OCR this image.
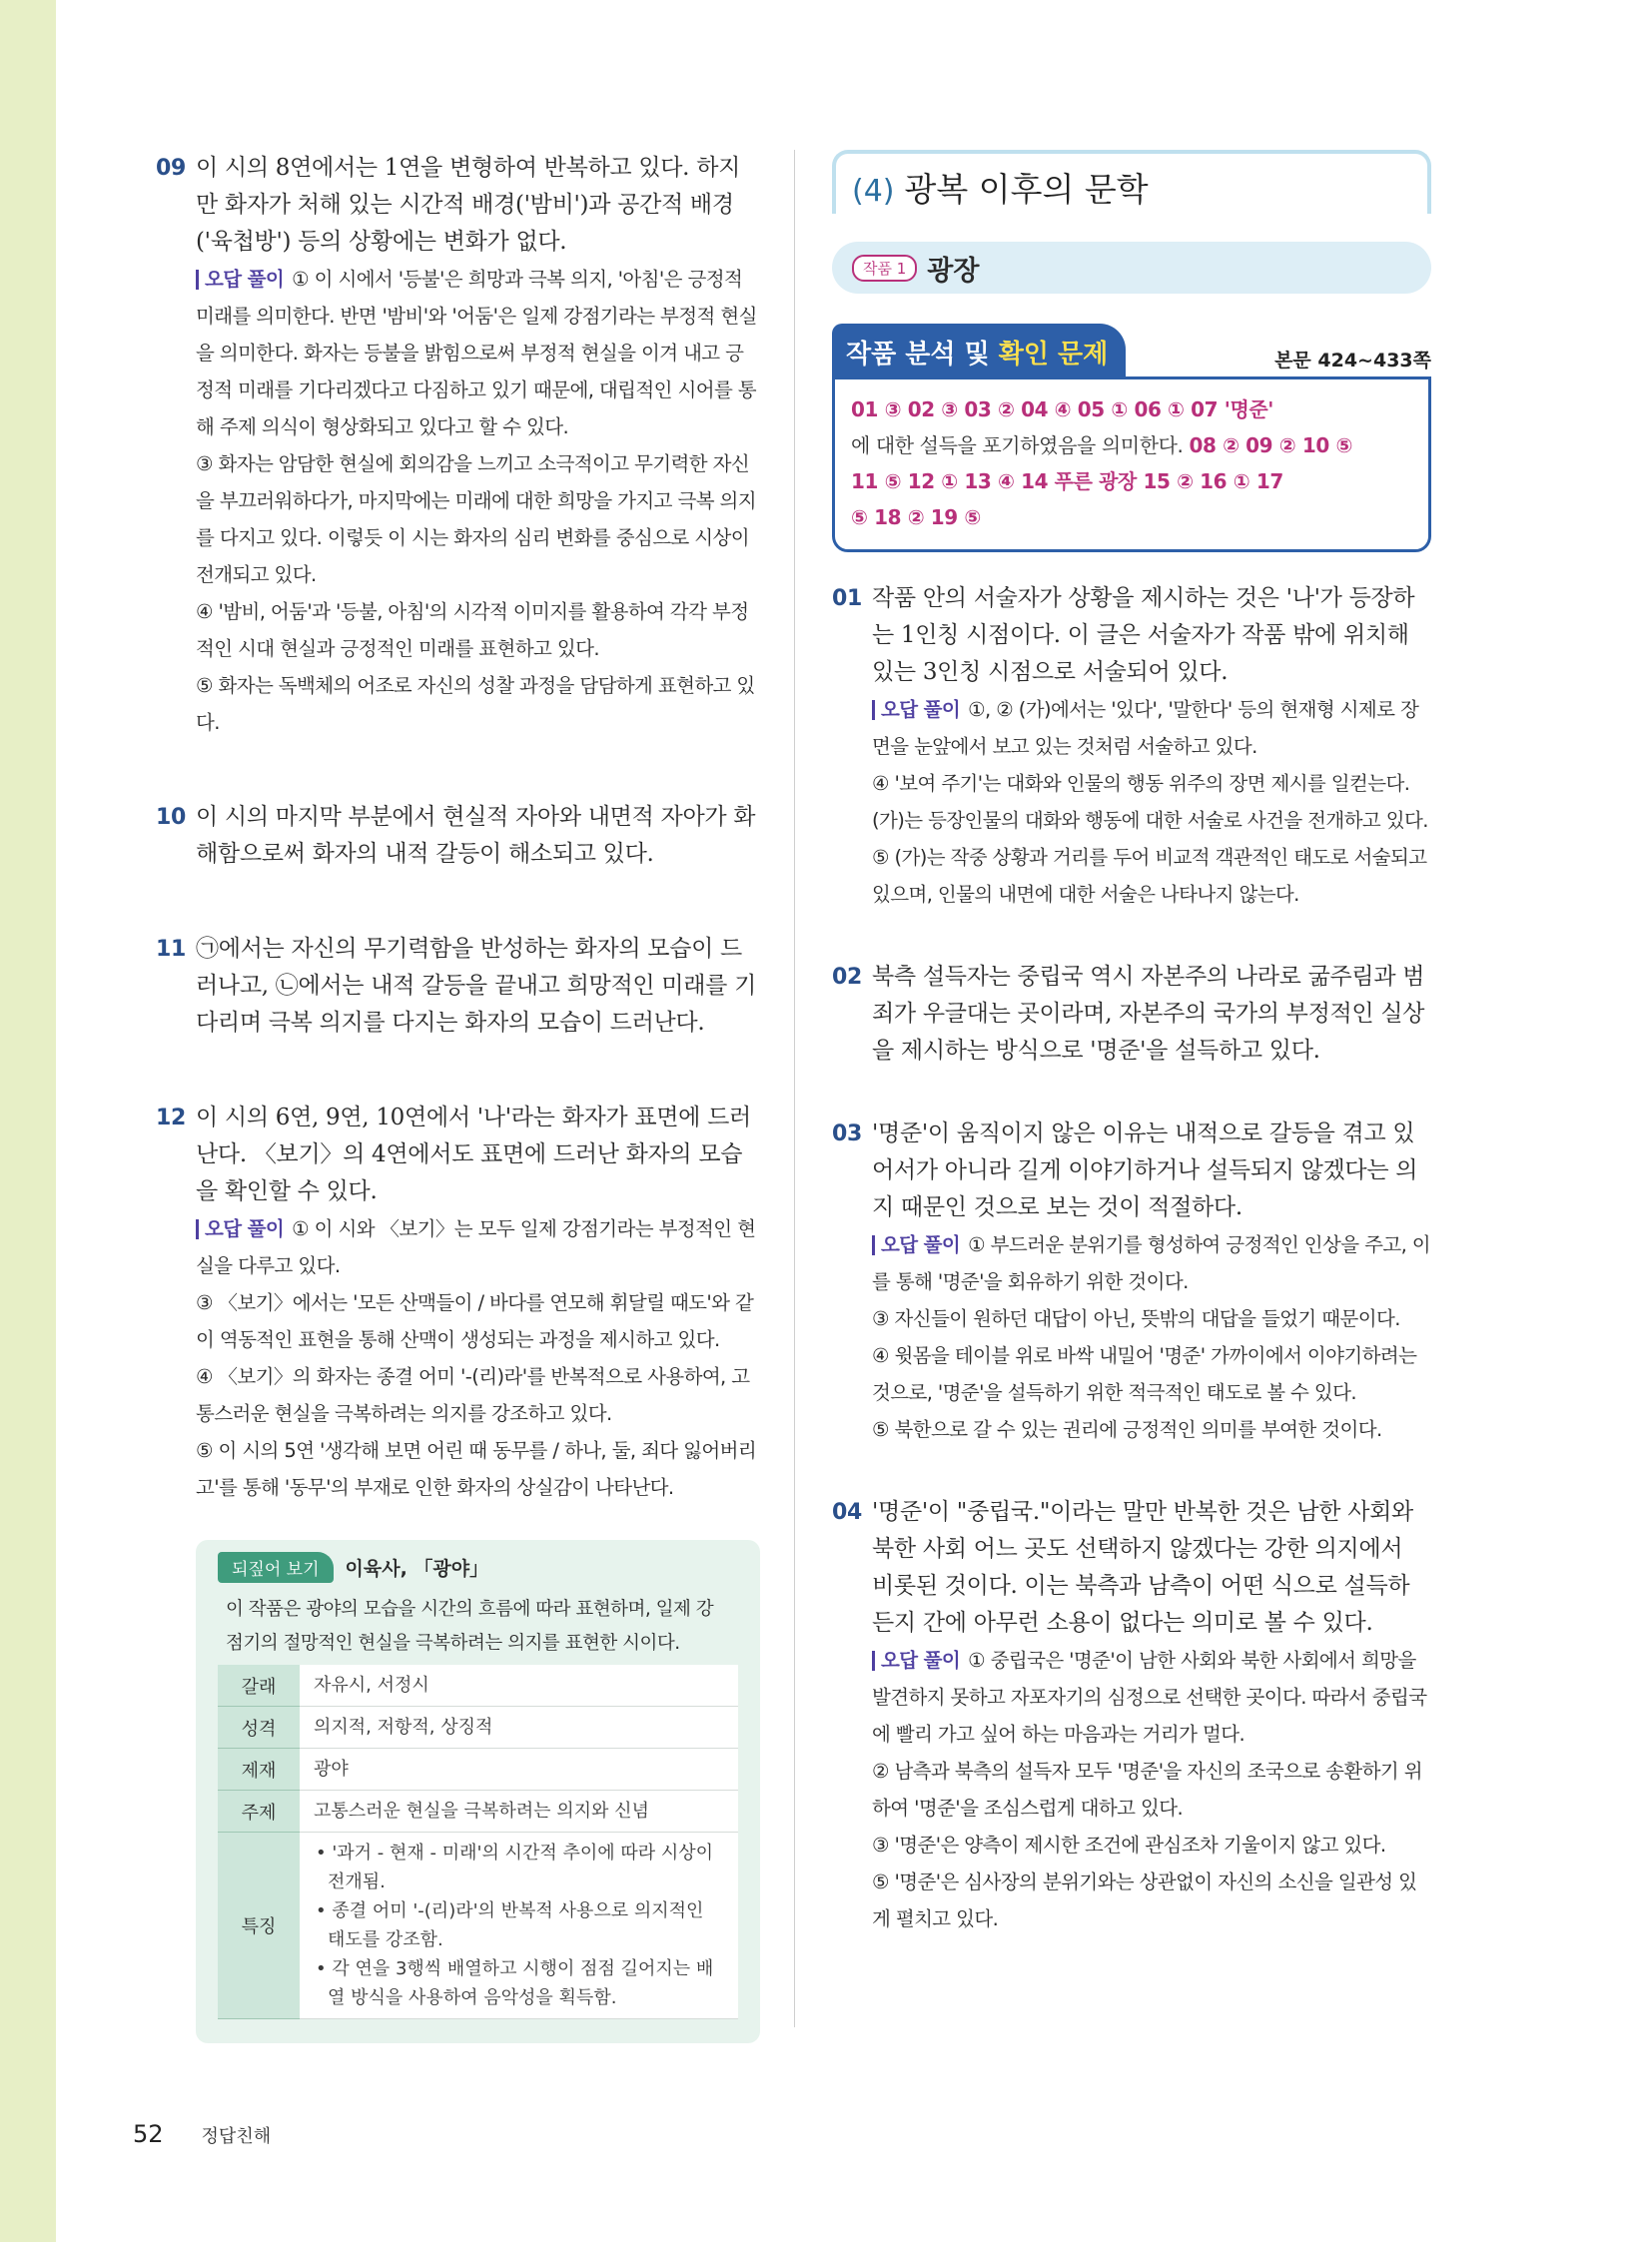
09 이 시의 8연에서는 1연을 변형하여 반복하고 있다. 하지만 화자가 처해 있는 시간적 배경('밤비')과 공간적 배경('육첩방') 등의 상황에는 변화가 없다.

오답 풀이 ① 이 시에서 '등불'은 희망과 극복 의지, '아침'은 긍정적 미래를 의미한다. 반면 '밤비'와 '어둠'은 일제 강점기라는 부정적 현실을 의미한다. 화자는 등불을 밝힘으로써 부정적 현실을 이겨 내고 긍정적 미래를 기다리겠다고 다짐하고 있기 때문에, 대립적인 시어를 통해 주제 의식이 형상화되고 있다고 할 수 있다.

③ 화자는 암담한 현실에 회의감을 느끼고 소극적이고 무기력한 자신을 부끄러워하다가, 마지막에는 미래에 대한 희망을 가지고 극복 의지를 다지고 있다. 이렇듯 이 시는 화자의 심리 변화를 중심으로 시상이 전개되고 있다.

④ '밤비, 어둠'과 '등불, 아침'의 시각적 이미지를 활용하여 각각 부정적인 시대 현실과 긍정적인 미래를 표현하고 있다.

⑤ 화자는 독백체의 어조로 자신의 성찰 과정을 담담하게 표현하고 있다.

10 이 시의 마지막 부분에서 현실적 자아와 내면적 자아가 화해함으로써 화자의 내적 갈등이 해소되고 있다.

11 ㉠에서는 자신의 무기력함을 반성하는 화자의 모습이 드러나고, ㉡에서는 내적 갈등을 끝내고 희망적인 미래를 기다리며 극복 의지를 다지는 화자의 모습이 드러난다.

12 이 시의 6연, 9연, 10연에서 '나'라는 화자가 표면에 드러난다. 〈보기〉의 4연에서도 표면에 드러난 화자의 모습을 확인할 수 있다.

오답 풀이 ① 이 시와 〈보기〉는 모두 일제 강점기라는 부정적인 현실을 다루고 있다.

③ 〈보기〉에서는 '모든 산맥들이 / 바다를 연모해 휘달릴 때도'와 같이 역동적인 표현을 통해 산맥이 생성되는 과정을 제시하고 있다.

④ 〈보기〉의 화자는 종결 어미 '-(리)라'를 반복적으로 사용하여, 고통스러운 현실을 극복하려는 의지를 강조하고 있다.

⑤ 이 시의 5연 '생각해 보면 어린 때 동무를 / 하나, 둘, 죄다 잃어버리고'를 통해 '동무'의 부재로 인한 화자의 상실감이 나타난다.

되짚어 보기	이육사, 「광야」

이 작품은 광야의 모습을 시간의 흐름에 따라 표현하며, 일제 강점기의 절망적인 현실을 극복하려는 의지를 표현한 시이다.

갈래	자유시, 서정시
성격	의지적, 저항적, 상징적
제재	광야
주제	고통스러운 현실을 극복하려는 의지와 신념
특징	• '과거 - 현재 - 미래'의 시간적 추이에 따라 시상이 전개됨.
• 종결 어미 '-(리)라'의 반복적 사용으로 의지적인 태도를 강조함.
• 각 연을 3행씩 배열하고 시행이 점점 길어지는 배열 방식을 사용하여 음악성을 획득함.
(4) 광복 이후의 문학
작품 1 광장
작품 분석 및 확인 문제	본문 424~433쪽
01 ③ 02 ③ 03 ② 04 ④ 05 ① 06 ① 07 '명준'
에 대한 설득을 포기하였음을 의미한다. 08 ② 09 ② 10 ⑤
11 ⑤ 12 ① 13 ④ 14 푸른 광장 15 ② 16 ① 17
⑤ 18 ② 19 ⑤
01 작품 안의 서술자가 상황을 제시하는 것은 '나'가 등장하는 1인칭 시점이다. 이 글은 서술자가 작품 밖에 위치해 있는 3인칭 시점으로 서술되어 있다.

오답 풀이 ①, ② (가)에서는 '있다', '말한다' 등의 현재형 시제로 장면을 눈앞에서 보고 있는 것처럼 서술하고 있다.

④ '보여 주기'는 대화와 인물의 행동 위주의 장면 제시를 일컫는다. (가)는 등장인물의 대화와 행동에 대한 서술로 사건을 전개하고 있다.

⑤ (가)는 작중 상황과 거리를 두어 비교적 객관적인 태도로 서술되고 있으며, 인물의 내면에 대한 서술은 나타나지 않는다.

02 북측 설득자는 중립국 역시 자본주의 나라로 굶주림과 범죄가 우글대는 곳이라며, 자본주의 국가의 부정적인 실상을 제시하는 방식으로 '명준'을 설득하고 있다.

03 '명준'이 움직이지 않은 이유는 내적으로 갈등을 겪고 있어서가 아니라 길게 이야기하거나 설득되지 않겠다는 의지 때문인 것으로 보는 것이 적절하다.

오답 풀이 ① 부드러운 분위기를 형성하여 긍정적인 인상을 주고, 이를 통해 '명준'을 회유하기 위한 것이다.

③ 자신들이 원하던 대답이 아닌, 뜻밖의 대답을 들었기 때문이다.

④ 윗몸을 테이블 위로 바싹 내밀어 '명준' 가까이에서 이야기하려는 것으로, '명준'을 설득하기 위한 적극적인 태도로 볼 수 있다.

⑤ 북한으로 갈 수 있는 권리에 긍정적인 의미를 부여한 것이다.

04 '명준'이 "중립국."이라는 말만 반복한 것은 남한 사회와 북한 사회 어느 곳도 선택하지 않겠다는 강한 의지에서 비롯된 것이다. 이는 북측과 남측이 어떤 식으로 설득하든지 간에 아무런 소용이 없다는 의미로 볼 수 있다.

오답 풀이 ① 중립국은 '명준'이 남한 사회와 북한 사회에서 희망을 발견하지 못하고 자포자기의 심정으로 선택한 곳이다. 따라서 중립국에 빨리 가고 싶어 하는 마음과는 거리가 멀다.

② 남측과 북측의 설득자 모두 '명준'을 자신의 조국으로 송환하기 위하여 '명준'을 조심스럽게 대하고 있다.

③ '명준'은 양측이 제시한 조건에 관심조차 기울이지 않고 있다.

⑤ '명준'은 심사장의 분위기와는 상관없이 자신의 소신을 일관성 있게 펼치고 있다.

52 정답친해
